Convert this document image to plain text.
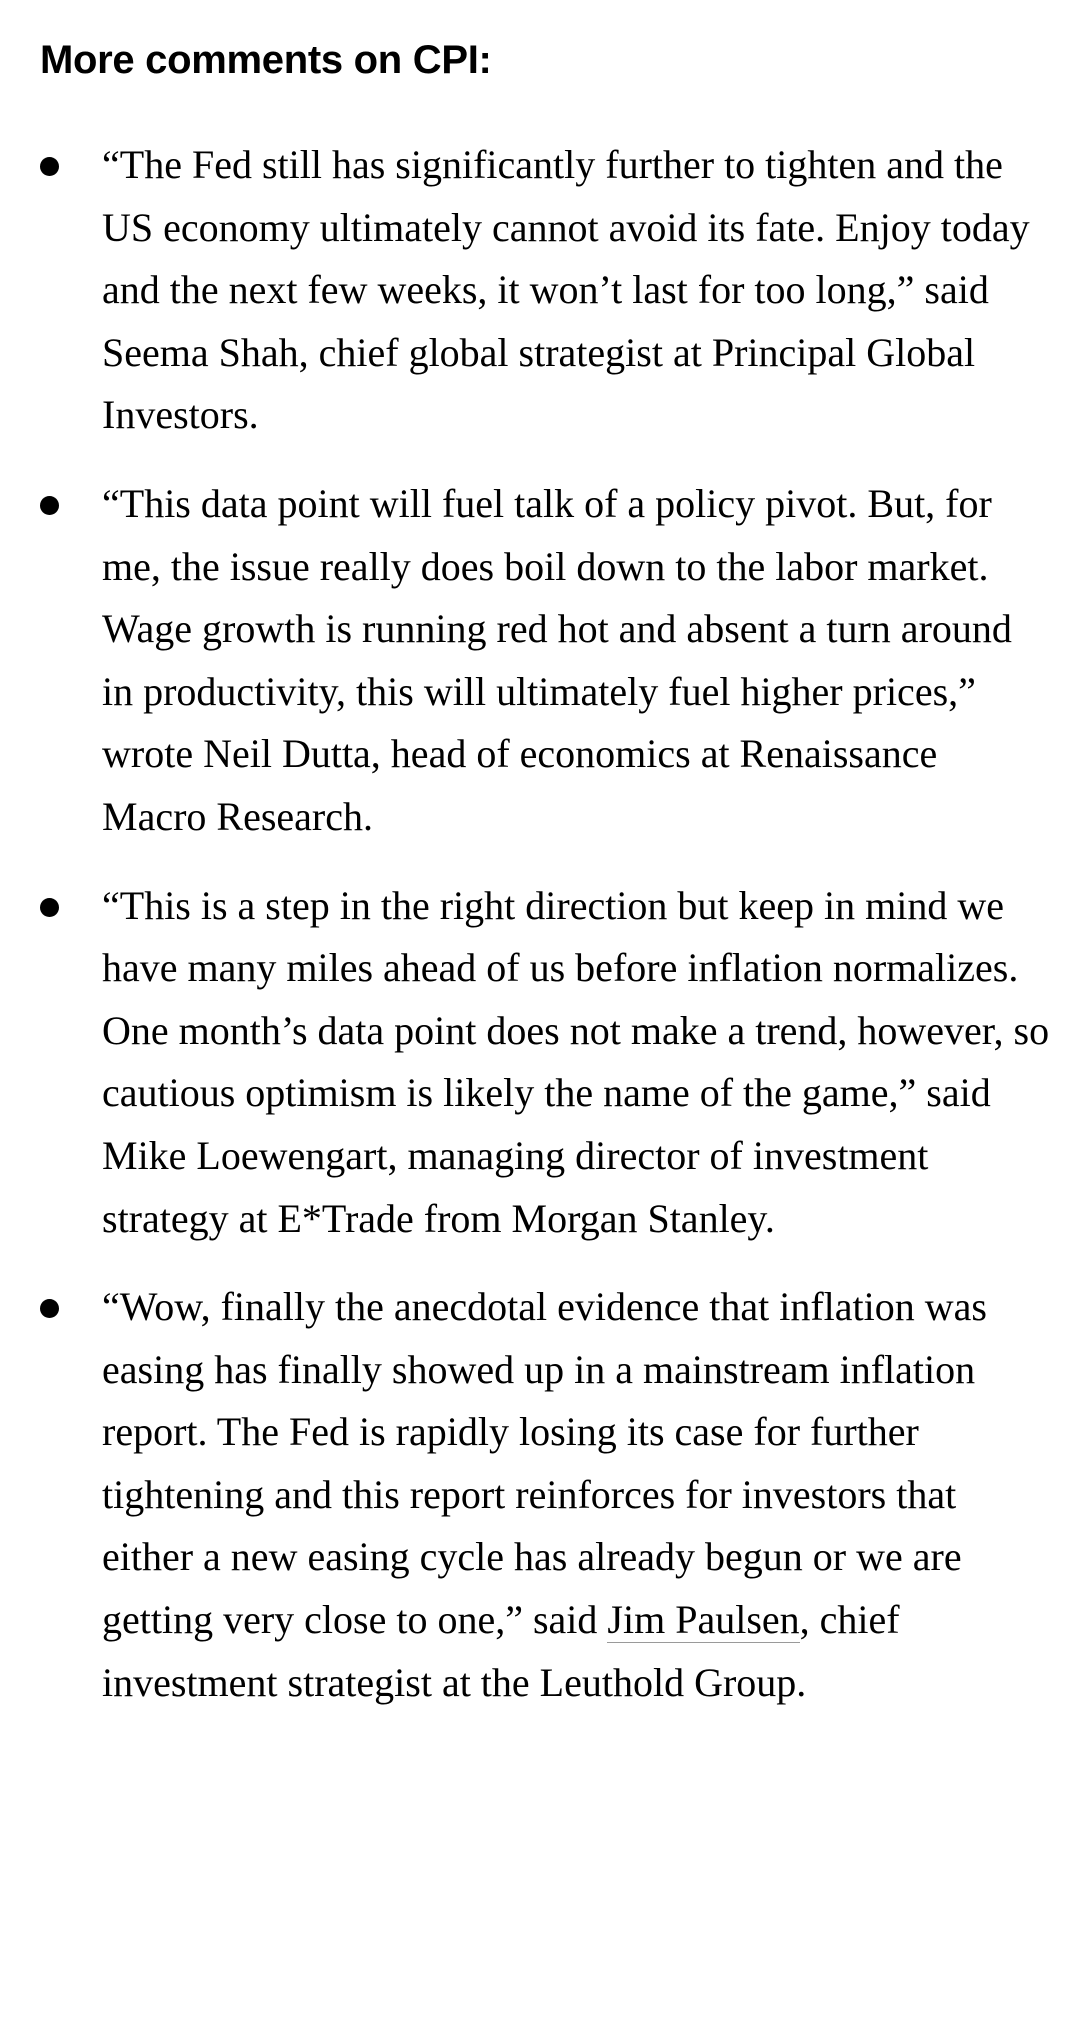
More comments on CPI:
“The Fed still has significantly further to tighten and the US economy ultimately cannot avoid its fate. Enjoy today and the next few weeks, it won’t last for too long,” said Seema Shah, chief global strategist at Principal Global Investors.
“This data point will fuel talk of a policy pivot. But, for me, the issue really does boil down to the labor market. Wage growth is running red hot and absent a turn around in productivity, this will ultimately fuel higher prices,” wrote Neil Dutta, head of economics at Renaissance Macro Research.
“This is a step in the right direction but keep in mind we have many miles ahead of us before inflation normalizes. One month’s data point does not make a trend, however, so cautious optimism is likely the name of the game,” said Mike Loewengart, managing director of investment strategy at E*Trade from Morgan Stanley.
“Wow, finally the anecdotal evidence that inflation was easing has finally showed up in a mainstream inflation report. The Fed is rapidly losing its case for further tightening and this report reinforces for investors that either a new easing cycle has already begun or we are getting very close to one,” said Jim Paulsen, chief investment strategist at the Leuthold Group.
